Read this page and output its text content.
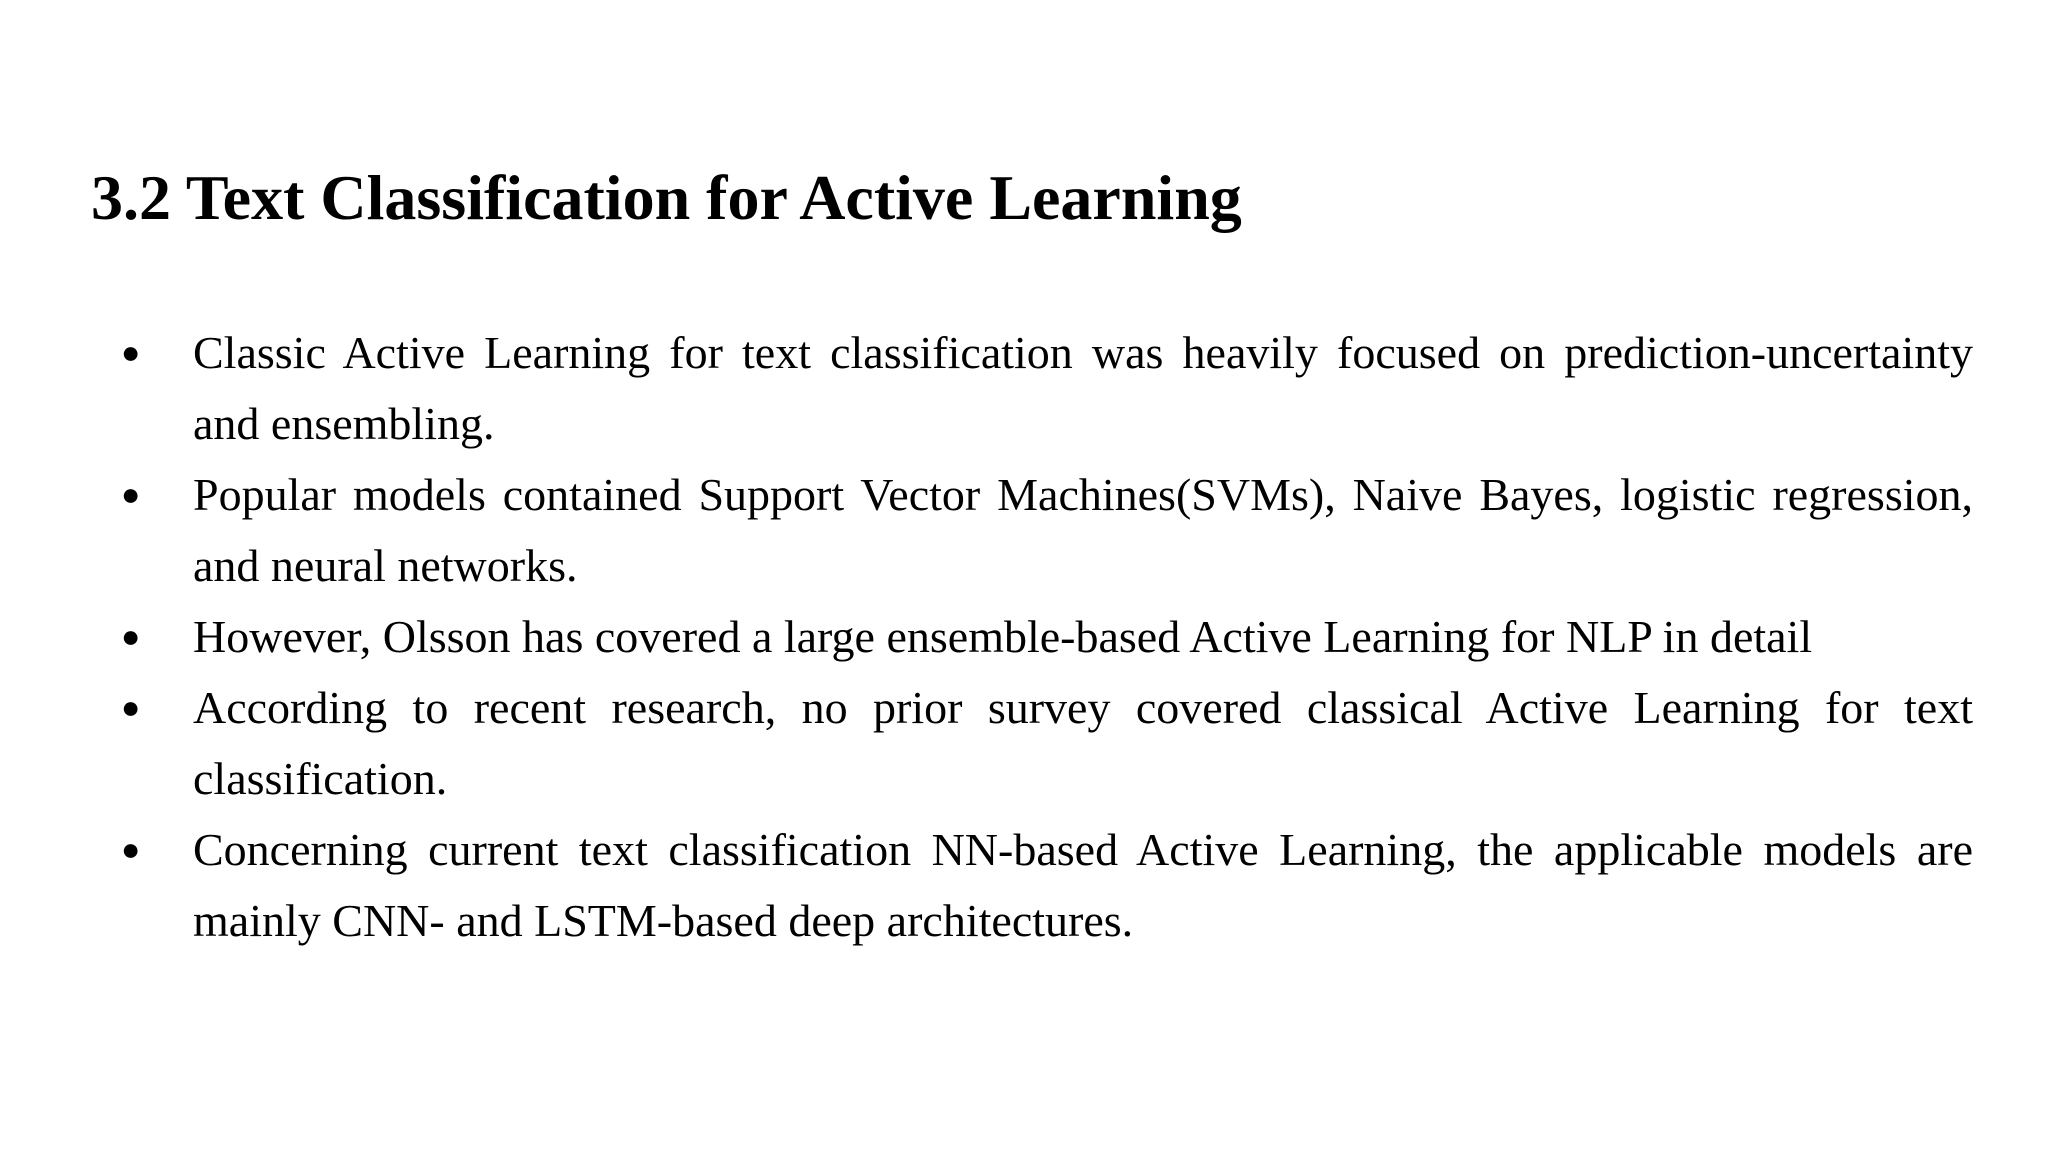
3.2 Text Classification for Active Learning
● Classic Active Learning for text classification was heavily focused on prediction-uncertainty and ensembling.
● Popular models contained Support Vector Machines(SVMs), Naive Bayes, logistic regression, and neural networks.
● However, Olsson has covered a large ensemble-based Active Learning for NLP in detail
● According to recent research, no prior survey covered classical Active Learning for text classification.
● Concerning current text classification NN-based Active Learning, the applicable models are mainly CNN- and LSTM-based deep architectures.
